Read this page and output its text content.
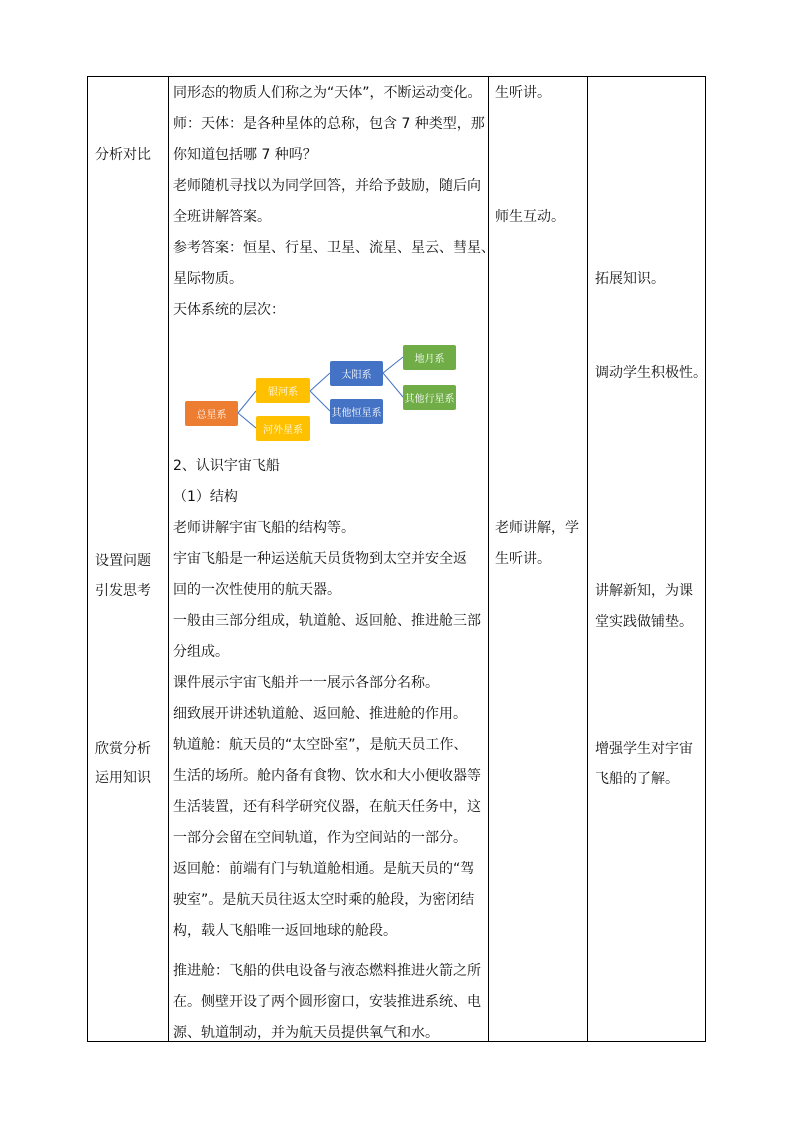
分析对比
设置问题
引发思考
欣赏分析
运用知识
同形态的物质人们称之为“天体”，不断运动变化。
师：天体：是各种星体的总称，包含 7 种类型，那
你知道包括哪 7 种吗？
老师随机寻找以为同学回答，并给予鼓励，随后向
全班讲解答案。
参考答案：恒星、行星、卫星、流星、星云、彗星、
星际物质。
天体系统的层次：
2、认识宇宙飞船
（1）结构
老师讲解宇宙飞船的结构等。
宇宙飞船是一种运送航天员货物到太空并安全返
回的一次性使用的航天器。
一般由三部分组成，轨道舱、返回舱、推进舱三部
分组成。
课件展示宇宙飞船并一一展示各部分名称。
细致展开讲述轨道舱、返回舱、推进舱的作用。
轨道舱：航天员的“太空卧室”，是航天员工作、
生活的场所。舱内备有食物、饮水和大小便收器等
生活装置，还有科学研究仪器，在航天任务中，这
一部分会留在空间轨道，作为空间站的一部分。
返回舱：前端有门与轨道舱相通。是航天员的“驾
驶室”。是航天员往返太空时乘的舱段，为密闭结
构，载人飞船唯一返回地球的舱段。
推进舱：飞船的供电设备与液态燃料推进火箭之所
在。侧壁开设了两个圆形窗口，安装推进系统、电
源、轨道制动，并为航天员提供氧气和水。
总星系
银河系
河外星系
太阳系
其他恒星系
地月系
其他行星系
生听讲。
师生互动。
老师讲解，学
生听讲。
拓展知识。
调动学生积极性。
讲解新知，为课
堂实践做铺垫。
增强学生对宇宙
飞船的了解。
